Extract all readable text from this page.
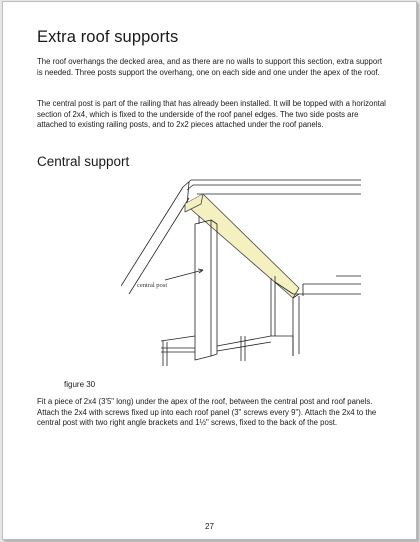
Extra roof supports

The roof overhangs the decked area, and as there are no walls to support this section, extra support is needed. Three posts support the overhang, one on each side and one under the apex of the roof.

The central post is part of the railing that has already been installed. It will be topped with a horizontal section of 2x4, which is fixed to the underside of the roof panel edges. The two side posts are attached to existing railing posts, and to 2x2 pieces attached under the roof panels.

Central support
central post
figure 30

Fit a piece of 2x4 (3'5" long) under the apex of the roof, between the central post and roof panels. Attach the 2x4 with screws fixed up into each roof panel (3" screws every 9"). Attach the 2x4 to the central post with two right angle brackets and 1½" screws, fixed to the back of the post.

27
